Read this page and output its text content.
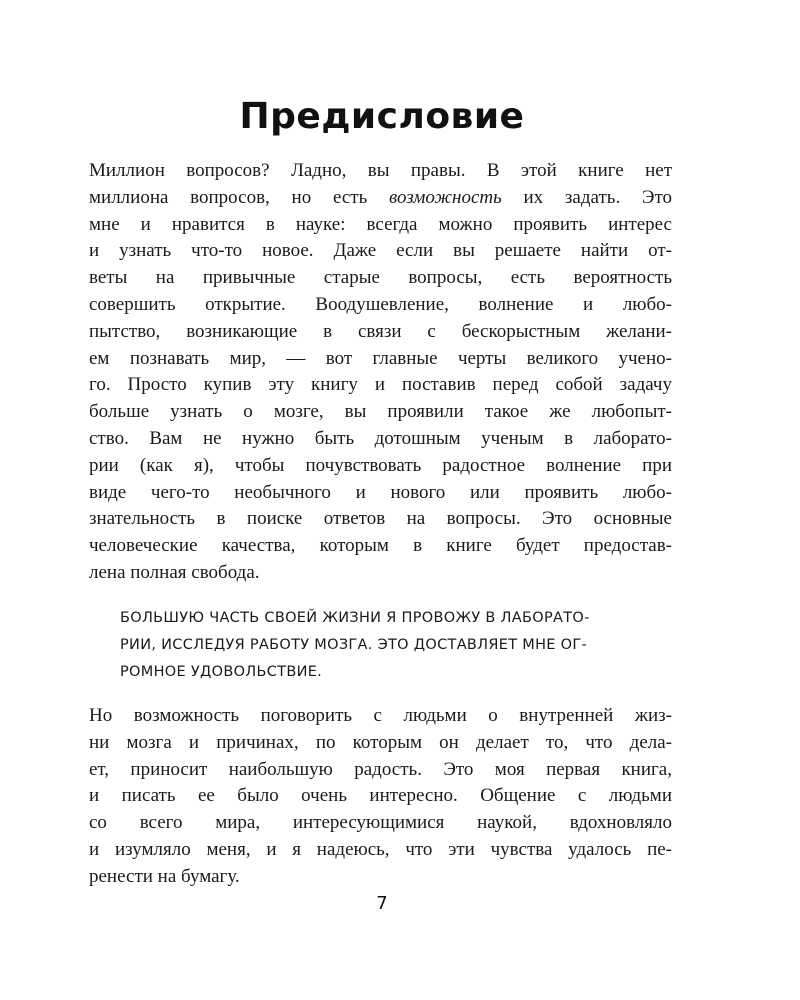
Предисловие

Миллион вопросов? Ладно, вы правы. В этой книге нет
миллиона вопросов, но есть возможность их задать. Это
мне и нравится в науке: всегда можно проявить интерес
и узнать что-то новое. Даже если вы решаете найти от-
веты на привычные старые вопросы, есть вероятность
совершить открытие. Воодушевление, волнение и любо-
пытство, возникающие в связи с бескорыстным желани-
ем познавать мир, — вот главные черты великого учено-
го. Просто купив эту книгу и поставив перед собой задачу
больше узнать о мозге, вы проявили такое же любопыт-
ство. Вам не нужно быть дотошным ученым в лаборато-
рии (как я), чтобы почувствовать радостное волнение при
виде чего-то необычного и нового или проявить любо-
знательность в поиске ответов на вопросы. Это основные
человеческие качества, которым в книге будет предостав-
лена полная свобода.

БОЛЬШУЮ ЧАСТЬ СВОЕЙ ЖИЗНИ Я ПРОВОЖУ В ЛАБОРАТО-
РИИ, ИССЛЕДУЯ РАБОТУ МОЗГА. ЭТО ДОСТАВЛЯЕТ МНЕ ОГ-
РОМНОЕ УДОВОЛЬСТВИЕ.

Но возможность поговорить с людьми о внутренней жиз-
ни мозга и причинах, по которым он делает то, что дела-
ет, приносит наибольшую радость. Это моя первая книга,
и писать ее было очень интересно. Общение с людьми
со всего мира, интересующимися наукой, вдохновляло
и изумляло меня, и я надеюсь, что эти чувства удалось пе-
ренести на бумагу.

7
